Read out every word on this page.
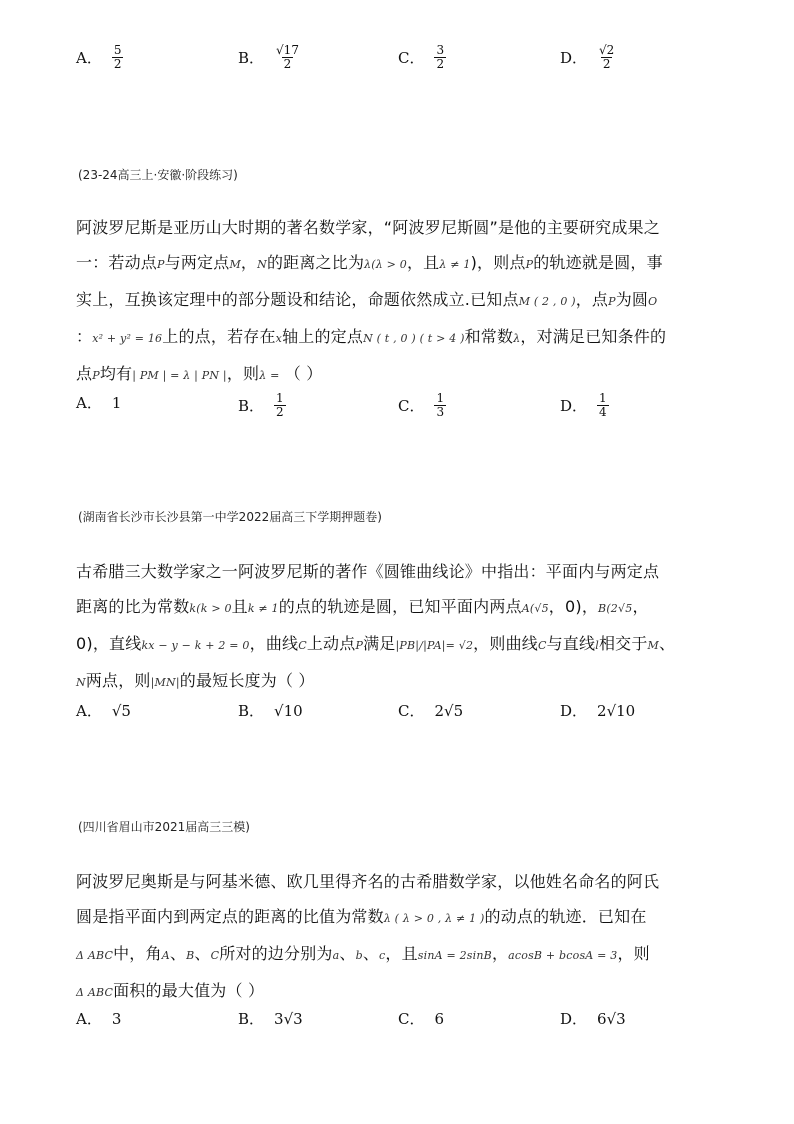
A． $\frac{5}{2}$	B． $\frac{√17}{2}$	C． $\frac{3}{2}$	D． $\frac{√2}{2}$
(23-24高三上·安徽·阶段练习)
阿波罗尼斯是亚历山大时期的著名数学家，“阿波罗尼斯圆”是他的主要研究成果之
一：若动点P与两定点M，N的距离之比为λ(λ > 0，且λ ≠ 1)，则点P的轨迹就是圆，事
实上，互换该定理中的部分题设和结论，命题依然成立.已知点M ( 2 , 0 )，点P为圆O
：x² + y² = 16上的点，若存在x轴上的定点N ( t , 0 ) ( t > 4 )和常数λ，对满足已知条件的
点P均有| PM | = λ | PN |，则λ = （ ）
A． 1	B． $\frac{1}{2}$	C． $\frac{1}{3}$	D． $\frac{1}{4}$
(湖南省长沙市长沙县第一中学2022届高三下学期押题卷)
古希腊三大数学家之一阿波罗尼斯的著作《圆锥曲线论》中指出：平面内与两定点
距离的比为常数k(k > 0且k ≠ 1的点的轨迹是圆，已知平面内两点A(√5，0)，B(2√5，
0)，直线kx − y − k + 2 = 0，曲线C上动点P满足|PB|/|PA|= √2，则曲线C与直线l相交于M、
N两点，则|MN|的最短长度为（ ）
A． √5	B． √10	C． 2√5	D． 2√10
(四川省眉山市2021届高三三模)
阿波罗尼奥斯是与阿基米德、欧几里得齐名的古希腊数学家，以他姓名命名的阿氏
圆是指平面内到两定点的距离的比值为常数λ ( λ > 0 , λ ≠ 1 )的动点的轨迹．已知在
Δ ABC中，角A、B、C所对的边分别为a、b、c，且sinA = 2sinB，acosB + bcosA = 3，则
Δ ABC面积的最大值为（ ）
A． 3	B． 3√3	C． 6	D． 6√3
